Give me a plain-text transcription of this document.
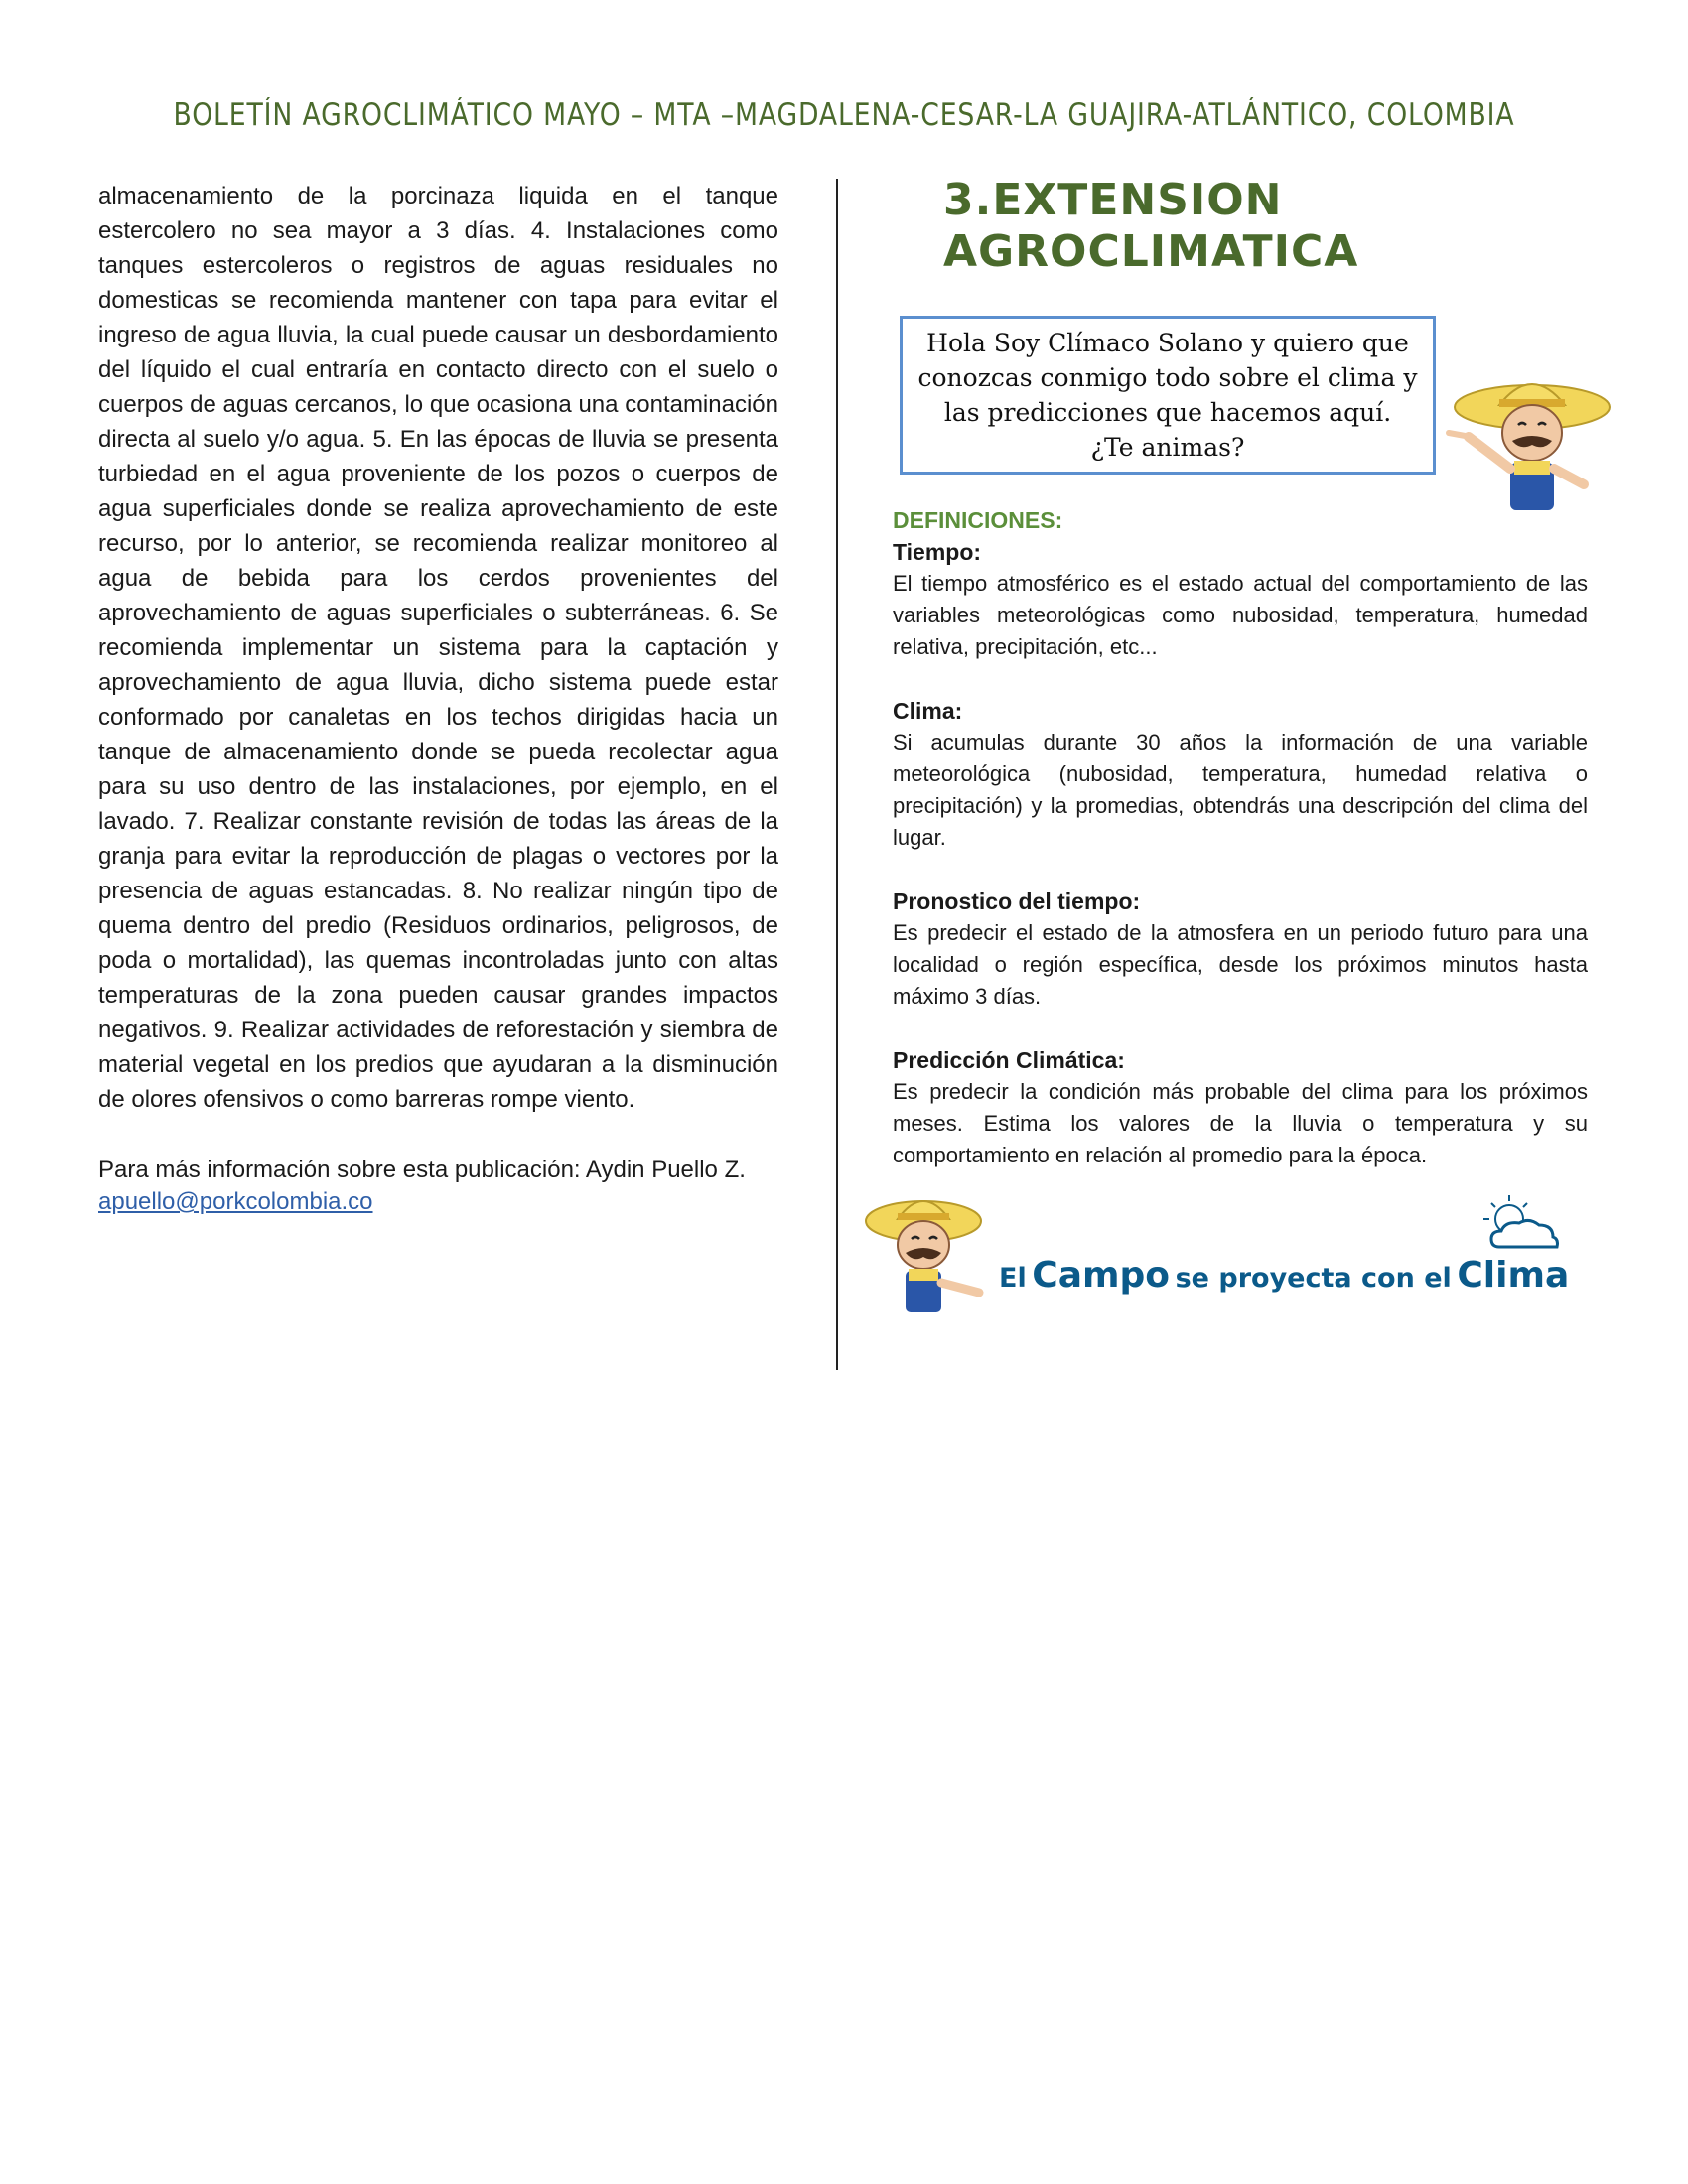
BOLETÍN AGROCLIMÁTICO MAYO – MTA –MAGDALENA-CESAR-LA GUAJIRA-ATLÁNTICO, COLOMBIA

almacenamiento de la porcinaza liquida en el tanque estercolero no sea mayor a 3 días. 4. Instalaciones como tanques estercoleros o registros de aguas residuales no domesticas se recomienda mantener con tapa para evitar el ingreso de agua lluvia, la cual puede causar un desbordamiento del líquido el cual entraría en contacto directo con el suelo o cuerpos de aguas cercanos, lo que ocasiona una contaminación directa al suelo y/o agua. 5. En las épocas de lluvia se presenta turbiedad en el agua proveniente de los pozos o cuerpos de agua superficiales donde se realiza aprovechamiento de este recurso, por lo anterior, se recomienda realizar monitoreo al agua de bebida para los cerdos provenientes del aprovechamiento de aguas superficiales o subterráneas. 6. Se recomienda implementar un sistema para la captación y aprovechamiento de agua lluvia, dicho sistema puede estar conformado por canaletas en los techos dirigidas hacia un tanque de almacenamiento donde se pueda recolectar agua para su uso dentro de las instalaciones, por ejemplo, en el lavado. 7. Realizar constante revisión de todas las áreas de la granja para evitar la reproducción de plagas o vectores por la presencia de aguas estancadas. 8. No realizar ningún tipo de quema dentro del predio (Residuos ordinarios, peligrosos, de poda o mortalidad), las quemas incontroladas junto con altas temperaturas de la zona pueden causar grandes impactos negativos. 9. Realizar actividades de reforestación y siembra de material vegetal en los predios que ayudaran a la disminución de olores ofensivos o como barreras rompe viento.

Para más información sobre esta publicación: Aydin Puello Z.
apuello@porkcolombia.co

3.EXTENSION
AGROCLIMATICA
Hola Soy Clímaco Solano y quiero que
conozcas conmigo todo sobre el clima y
las predicciones que hacemos aquí.
¿Te animas?
DEFINICIONES:
Tiempo:

El tiempo atmosférico es el estado actual del comportamiento de las variables meteorológicas como nubosidad, temperatura, humedad relativa, precipitación, etc...

Clima:

Si acumulas durante 30 años la información de una variable meteorológica (nubosidad, temperatura, humedad relativa o precipitación) y la promedias, obtendrás una descripción del clima del lugar.

Pronostico del tiempo:

Es predecir el estado de la atmosfera en un periodo futuro para una localidad o región específica, desde los próximos minutos hasta máximo 3 días.

Predicción Climática:

Es predecir la condición más probable del clima para los próximos meses. Estima los valores de la lluvia o temperatura y su comportamiento en relación al promedio para la época.

El Campo se proyecta con el Clima
